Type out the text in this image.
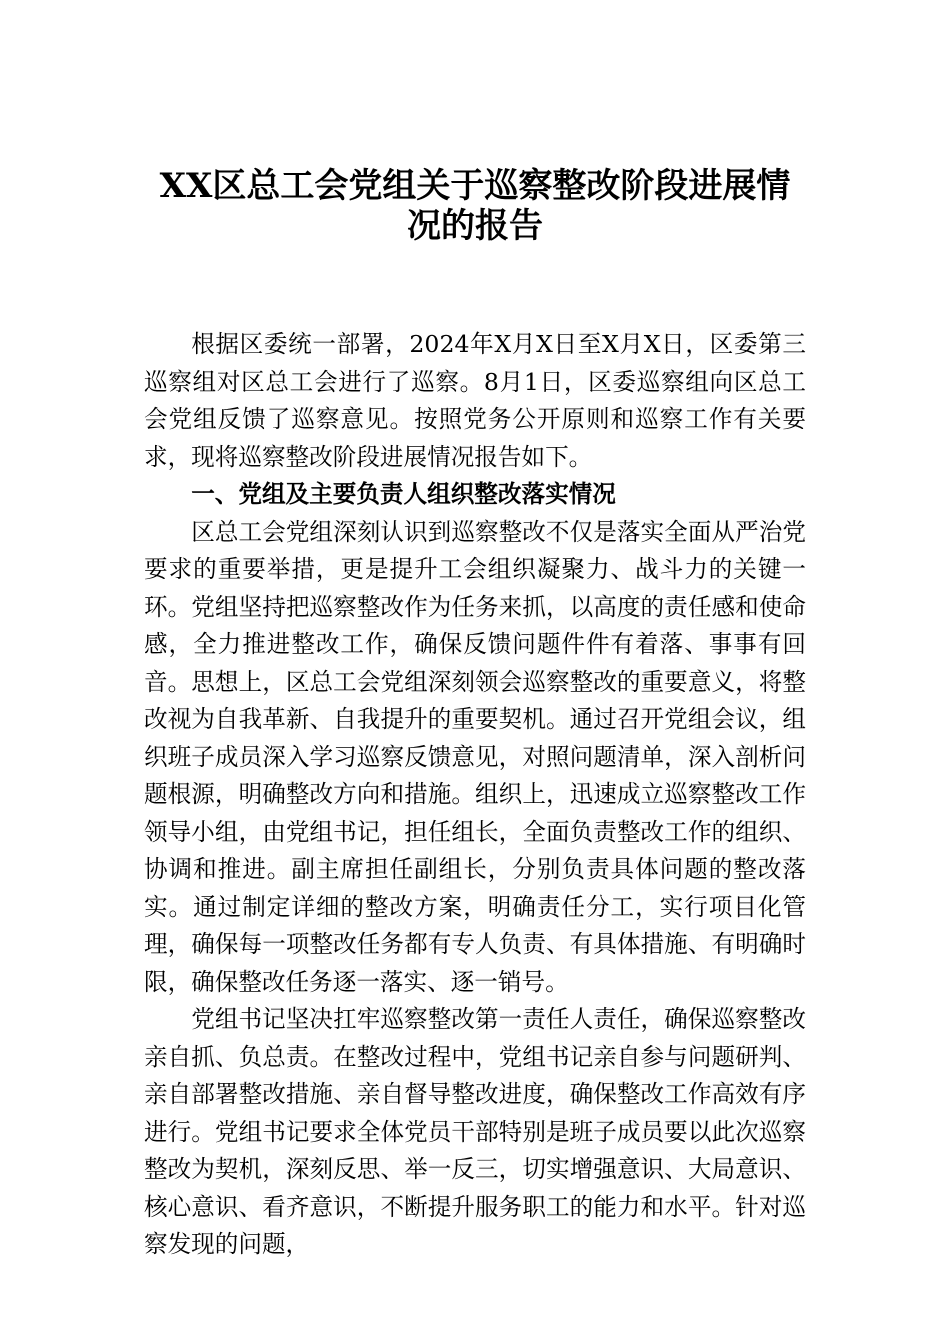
XX区总工会党组关于巡察整改阶段进展情
况的报告

根据区委统一部署，2024年X月X日至X月X日，区委第三巡察组对区总工会进行了巡察。8月1日，区委巡察组向区总工会党组反馈了巡察意见。按照党务公开原则和巡察工作有关要求，现将巡察整改阶段进展情况报告如下。

一、党组及主要负责人组织整改落实情况

区总工会党组深刻认识到巡察整改不仅是落实全面从严治党要求的重要举措，更是提升工会组织凝聚力、战斗力的关键一环。党组坚持把巡察整改作为任务来抓，以高度的责任感和使命感，全力推进整改工作，确保反馈问题件件有着落、事事有回音。思想上，区总工会党组深刻领会巡察整改的重要意义，将整改视为自我革新、自我提升的重要契机。通过召开党组会议，组织班子成员深入学习巡察反馈意见，对照问题清单，深入剖析问题根源，明确整改方向和措施。组织上，迅速成立巡察整改工作领导小组，由党组书记，担任组长，全面负责整改工作的组织、协调和推进。副主席担任副组长，分别负责具体问题的整改落实。通过制定详细的整改方案，明确责任分工，实行项目化管理，确保每一项整改任务都有专人负责、有具体措施、有明确时限，确保整改任务逐一落实、逐一销号。

党组书记坚决扛牢巡察整改第一责任人责任，确保巡察整改亲自抓、负总责。在整改过程中，党组书记亲自参与问题研判、亲自部署整改措施、亲自督导整改进度，确保整改工作高效有序进行。党组书记要求全体党员干部特别是班子成员要以此次巡察整改为契机，深刻反思、举一反三，切实增强意识、大局意识、核心意识、看齐意识，不断提升服务职工的能力和水平。针对巡察发现的问题，
